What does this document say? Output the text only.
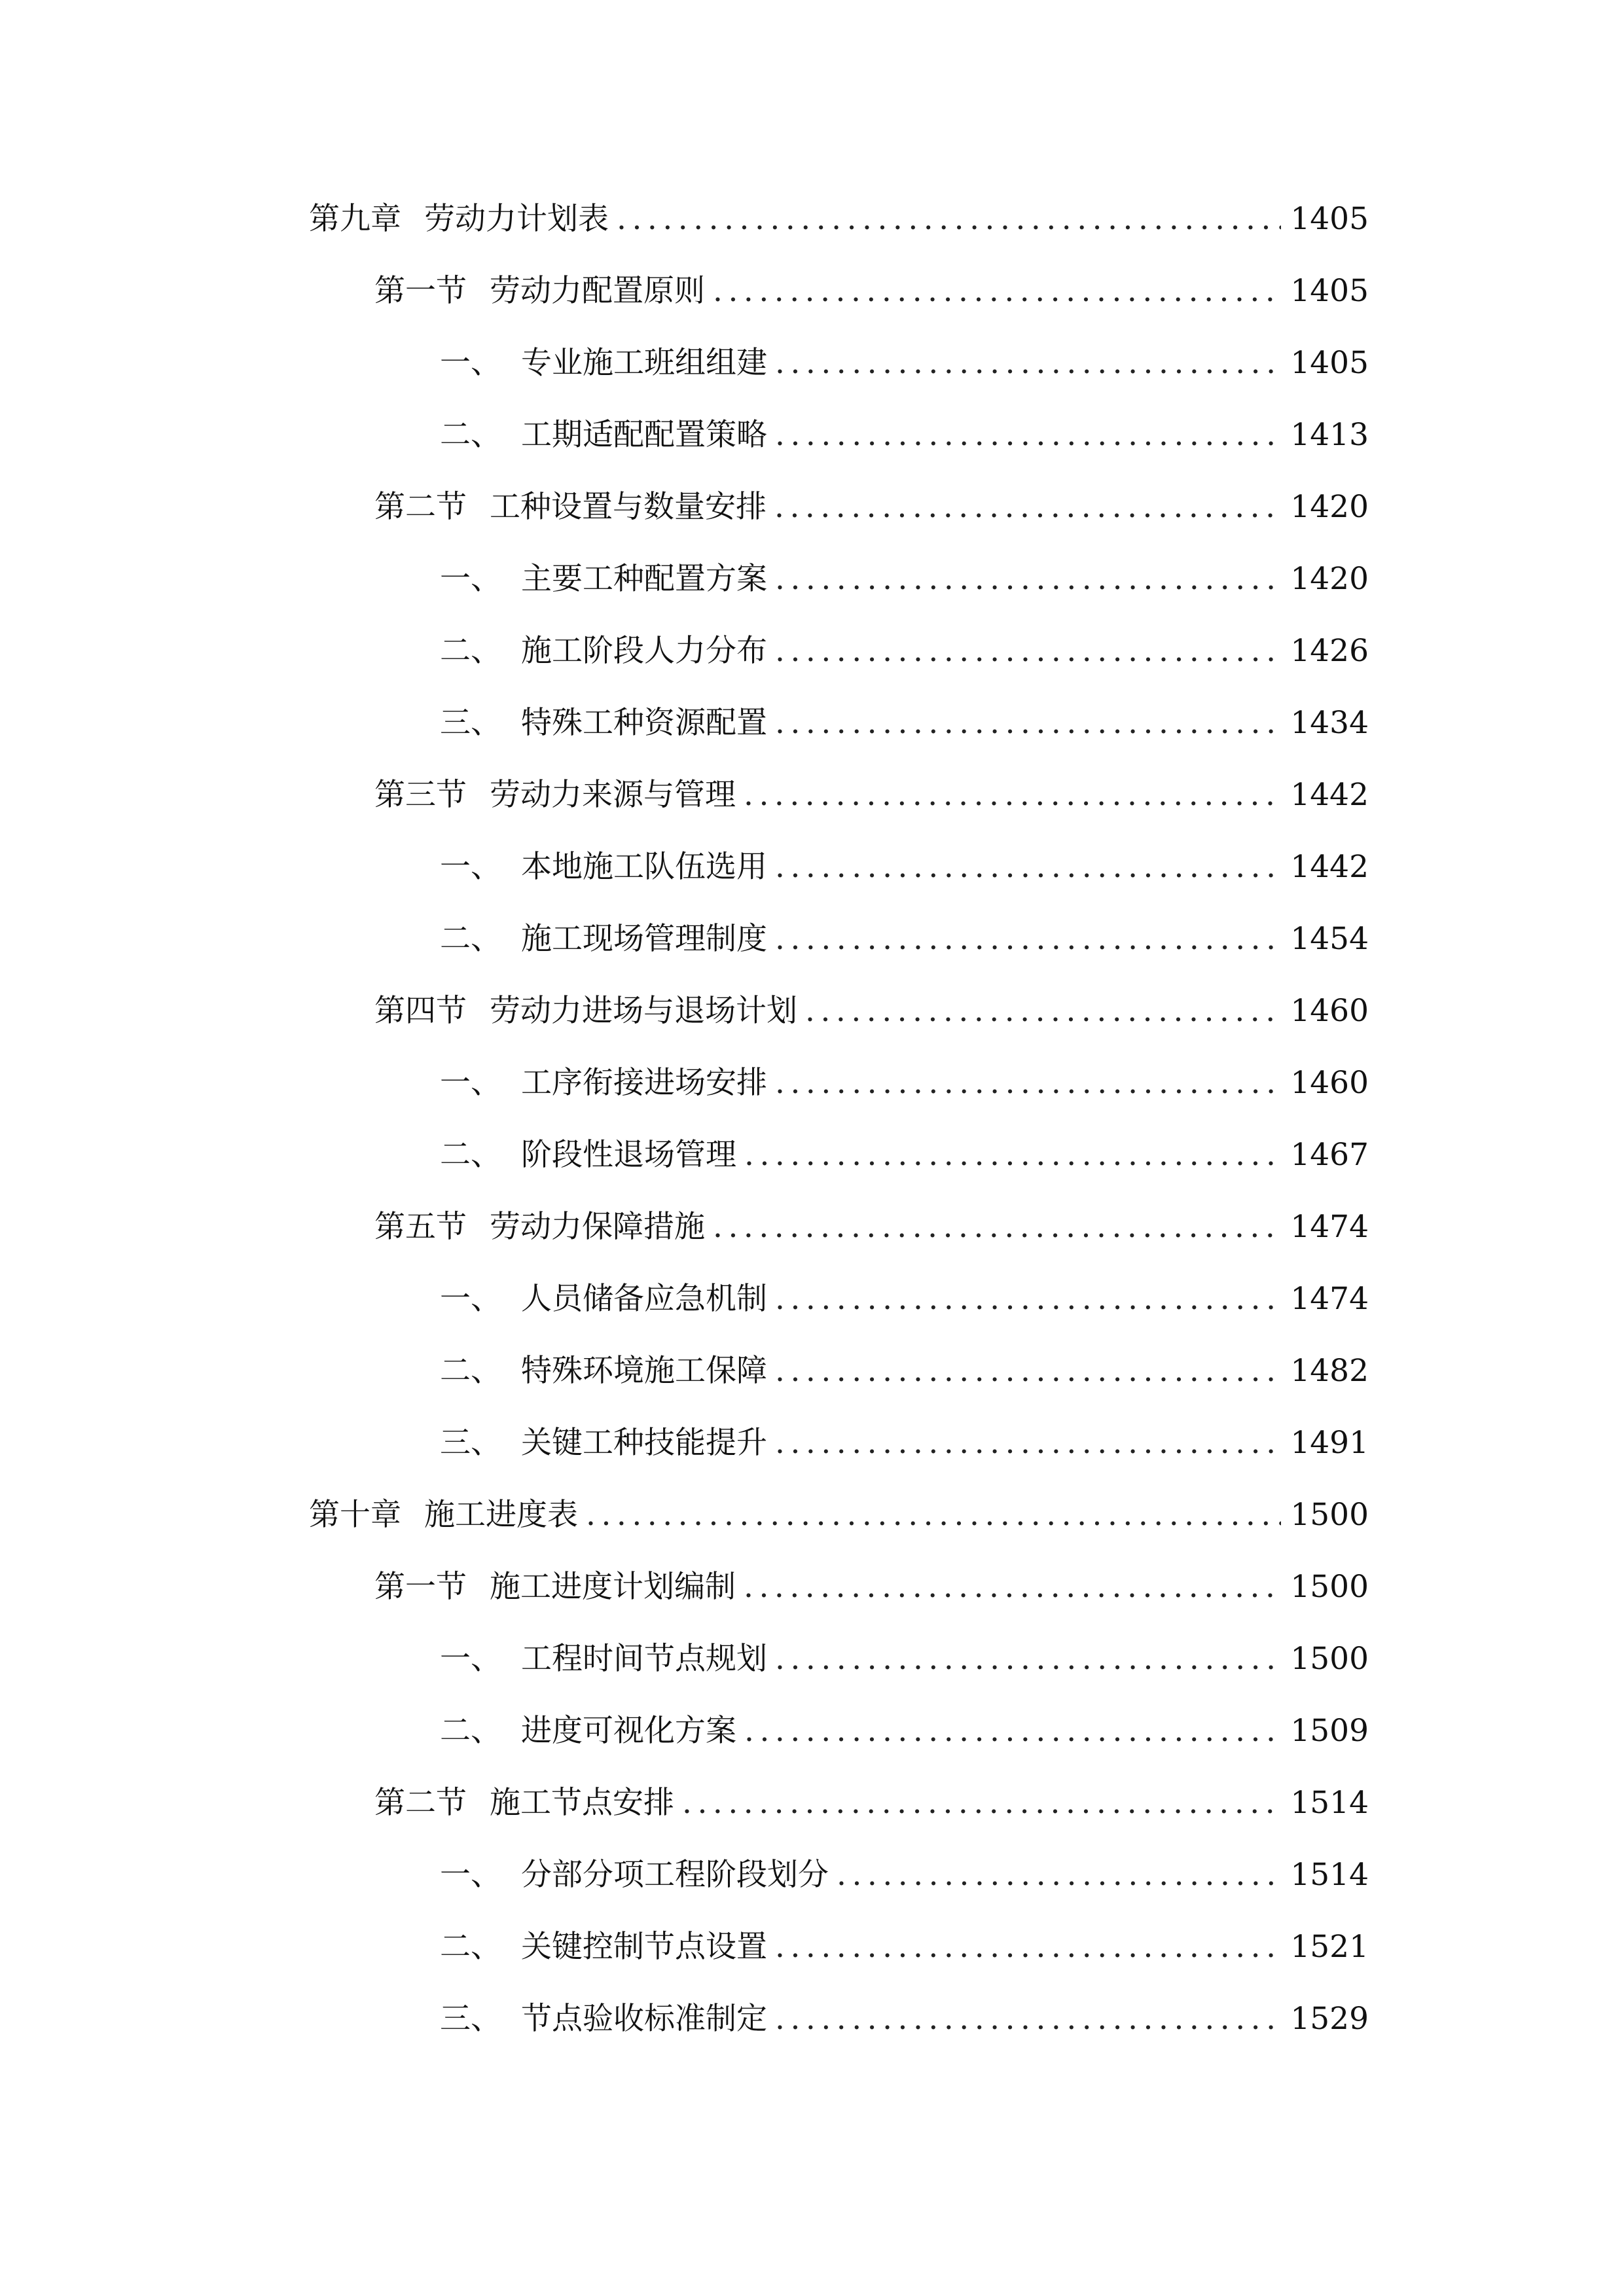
第九章 劳动力计划表 .....	1405
第一节 劳动力配置原则 .....	1405
一、 专业施工班组组建 .....	1405
二、 工期适配配置策略 .....	1413
第二节 工种设置与数量安排 .....	1420
一、 主要工种配置方案 .....	1420
二、 施工阶段人力分布 .....	1426
三、 特殊工种资源配置 .....	1434
第三节 劳动力来源与管理 .....	1442
一、 本地施工队伍选用 .....	1442
二、 施工现场管理制度 .....	1454
第四节 劳动力进场与退场计划 .....	1460
一、 工序衔接进场安排 .....	1460
二、 阶段性退场管理 .....	1467
第五节 劳动力保障措施 .....	1474
一、 人员储备应急机制 .....	1474
二、 特殊环境施工保障 .....	1482
三、 关键工种技能提升 .....	1491
第十章 施工进度表 .....	1500
第一节 施工进度计划编制 .....	1500
一、 工程时间节点规划 .....	1500
二、 进度可视化方案 .....	1509
第二节 施工节点安排 .....	1514
一、 分部分项工程阶段划分 .....	1514
二、 关键控制节点设置 .....	1521
三、 节点验收标准制定 .....	1529
